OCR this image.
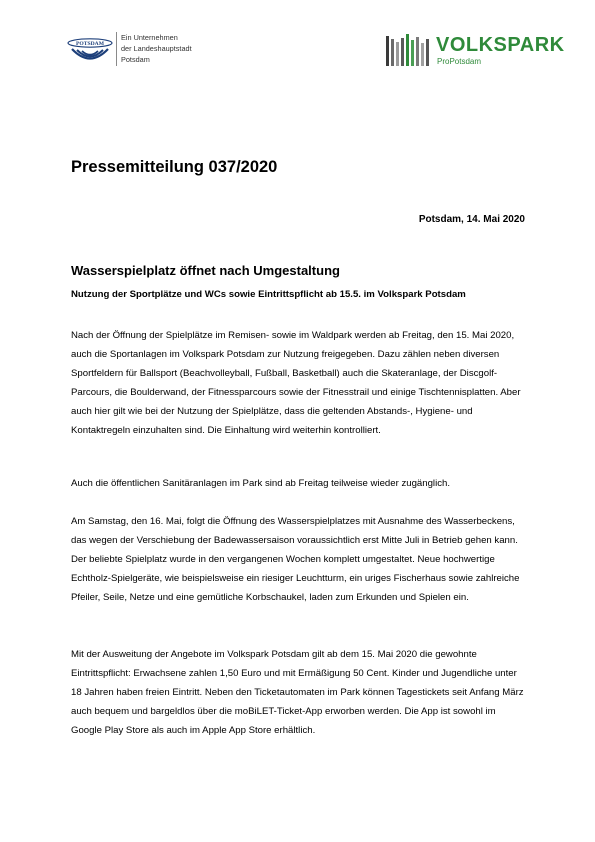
POTSDAM
Ein Unternehmen
der Landeshauptstadt
Potsdam
VOLKSPARK
ProPotsdam
Pressemitteilung 037/2020
Potsdam, 14. Mai 2020
Wasserspielplatz öffnet nach Umgestaltung
Nutzung der Sportplätze und WCs sowie Eintrittspflicht ab 15.5. im Volkspark Potsdam

Nach der Öffnung der Spielplätze im Remisen- sowie im Waldpark werden ab Freitag, den 15. Mai 2020, auch die Sportanlagen im Volkspark Potsdam zur Nutzung freigegeben. Dazu zählen neben diversen Sportfeldern für Ballsport (Beachvolleyball, Fußball, Basketball) auch die Skateranlage, der Discgolf-Parcours, die Boulderwand, der Fitnessparcours sowie der Fitnesstrail und einige Tischtennisplatten. Aber auch hier gilt wie bei der Nutzung der Spielplätze, dass die geltenden Abstands-, Hygiene- und Kontaktregeln einzuhalten sind. Die Einhaltung wird weiterhin kontrolliert.

Auch die öffentlichen Sanitäranlagen im Park sind ab Freitag teilweise wieder zugänglich.

Am Samstag, den 16. Mai, folgt die Öffnung des Wasserspielplatzes mit Ausnahme des Wasserbeckens, das wegen der Verschiebung der Badewassersaison voraussichtlich erst Mitte Juli in Betrieb gehen kann. Der beliebte Spielplatz wurde in den vergangenen Wochen komplett umgestaltet. Neue hochwertige Echtholz-Spielgeräte, wie beispielsweise ein riesiger Leuchtturm, ein uriges Fischerhaus sowie zahlreiche Pfeiler, Seile, Netze und eine gemütliche Korbschaukel, laden zum Erkunden und Spielen ein.

Mit der Ausweitung der Angebote im Volkspark Potsdam gilt ab dem 15. Mai 2020 die gewohnte Eintrittspflicht: Erwachsene zahlen 1,50 Euro und mit Ermäßigung 50 Cent. Kinder und Jugendliche unter 18 Jahren haben freien Eintritt. Neben den Ticketautomaten im Park können Tagestickets seit Anfang März auch bequem und bargeldlos über die moBiLET-Ticket-App erworben werden. Die App ist sowohl im Google Play Store als auch im Apple App Store erhältlich.
